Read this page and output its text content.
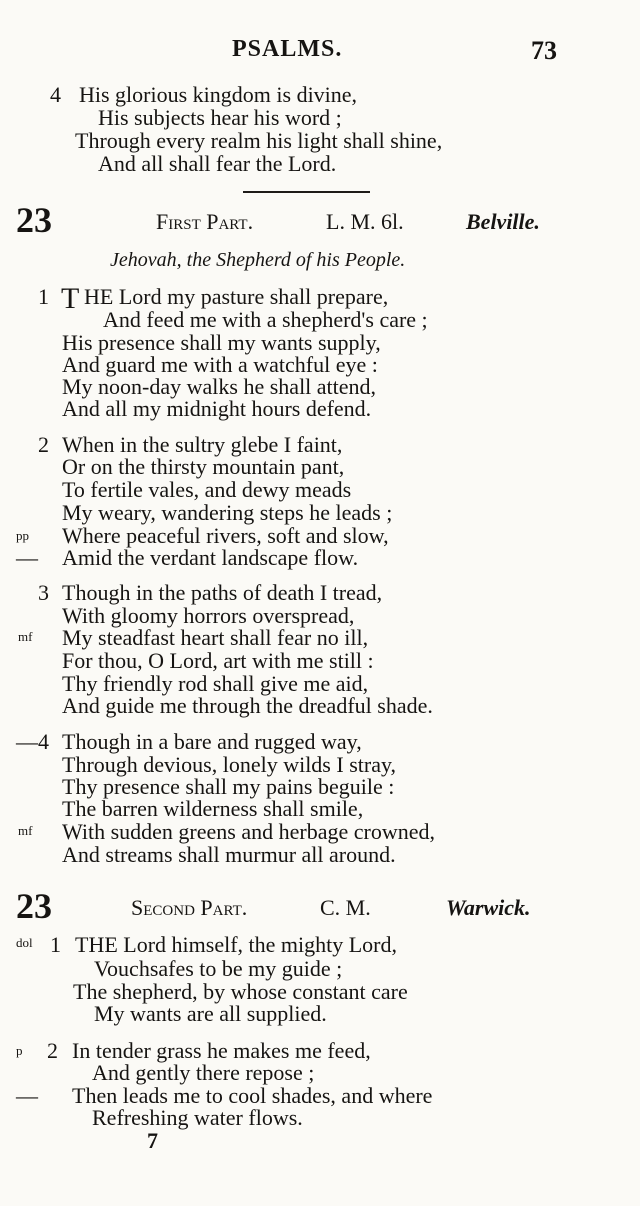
PSALMS.	73
4 His glorious kingdom is divine,
His subjects hear his word ;
Through every realm his light shall shine,
And all shall fear the Lord.
23	First Part.	L. M. 6l.	Belville.
Jehovah, the Shepherd of his People.
1 T HE Lord my pasture shall prepare,
And feed me with a shepherd's care ;
His presence shall my wants supply,
And guard me with a watchful eye :
My noon-day walks he shall attend,
And all my midnight hours defend.
2 When in the sultry glebe I faint,
Or on the thirsty mountain pant,
To fertile vales, and dewy meads
My weary, wandering steps he leads ;
pp Where peaceful rivers, soft and slow,
— Amid the verdant landscape flow.
3 Though in the paths of death I tread,
With gloomy horrors overspread,
mf My steadfast heart shall fear no ill,
For thou, O Lord, art with me still :
Thy friendly rod shall give me aid,
And guide me through the dreadful shade.
—4 Though in a bare and rugged way,
Through devious, lonely wilds I stray,
Thy presence shall my pains beguile :
The barren wilderness shall smile,
mf With sudden greens and herbage crowned,
And streams shall murmur all around.
23	Second Part.	C. M.	Warwick.
dol 1 THE Lord himself, the mighty Lord,
Vouchsafes to be my guide ;
The shepherd, by whose constant care
My wants are all supplied.
p 2 In tender grass he makes me feed,
And gently there repose ;
— Then leads me to cool shades, and where
Refreshing water flows.
7
